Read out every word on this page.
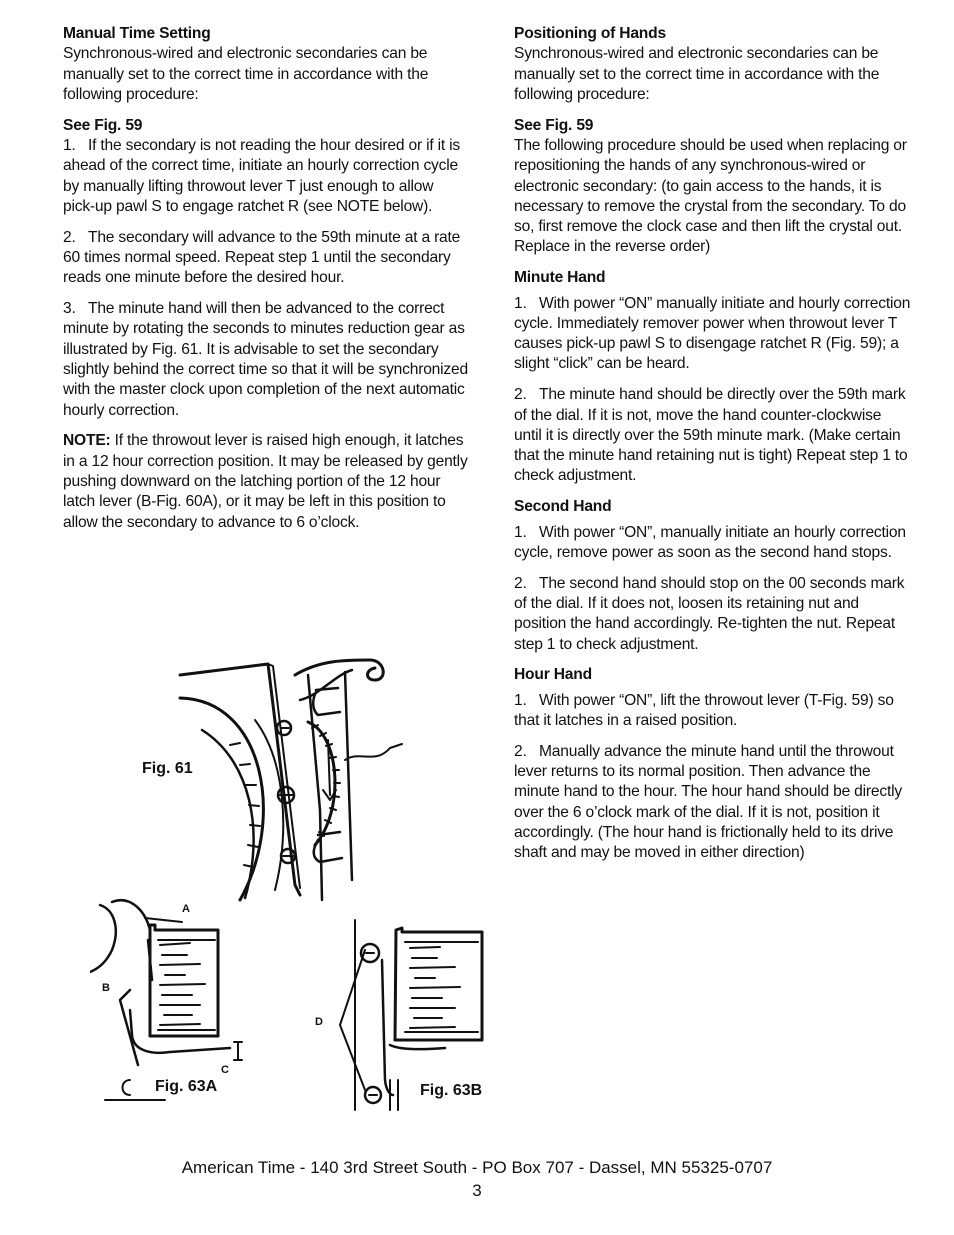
Manual Time Setting
Synchronous-wired and electronic secondaries can be manually set to the correct time in accordance with the following procedure:
See Fig. 59

1.   If the secondary is not reading the hour desired or if it is ahead of the correct time, initiate an hourly correction cycle by manually lifting throwout lever T just enough to allow pick-up pawl S to engage ratchet R (see NOTE below).

2.   The secondary will advance to the 59th minute at a rate 60 times normal speed. Repeat step 1 until the secondary reads one minute before the desired hour.

3.   The minute hand will then be advanced to the correct minute by rotating the seconds to minutes reduction gear as illustrated by Fig. 61. It is advisable to set the secondary slightly behind the correct time so that it will be synchronized with the master clock upon completion of the next automatic hourly correction.

NOTE: If the throwout lever is raised high enough, it latches in a 12 hour correction position. It may be released by gently pushing downward on the latching portion of the 12 hour latch lever (B-Fig. 60A), or it may be left in this position to allow the secondary to advance to 6 o’clock.

Positioning of Hands
Synchronous-wired and electronic secondaries can be manually set to the correct time in accordance with the following procedure:
See Fig. 59

The following procedure should be used when replacing or repositioning the hands of any synchronous-wired or electronic secondary: (to gain access to the hands, it is necessary to remove the crystal from the secondary. To do so, first remove the clock case and then lift the crystal out. Replace in the reverse order)

Minute Hand

1.   With power “ON” manually initiate and hourly correction cycle. Immediately remover power when throwout lever T causes pick-up pawl S to disengage ratchet R (Fig. 59); a slight “click” can be heard.

2.   The minute hand should be directly over the 59th mark of the dial. If it is not, move the hand counter-clockwise until it is directly over the 59th minute mark. (Make certain that the minute hand retaining nut is tight) Repeat step 1 to check adjustment.

Second Hand

1.   With power “ON”, manually initiate an hourly correction cycle, remove power as soon as the second hand stops.

2.   The second hand should stop on the 00 seconds mark of the dial. If it does not, loosen its retaining nut and position the hand accordingly. Re-tighten the nut. Repeat step 1 to check adjustment.

Hour Hand

1.   With power “ON”, lift the throwout lever (T-Fig. 59) so that it latches in a raised position.

2.   Manually advance the minute hand until the throwout lever returns to its normal position. Then advance the minute hand to the hour. The hour hand should be directly over the 6 o’clock mark of the dial. If it is not, position it accordingly. (The hour hand is frictionally held to its drive shaft and may be moved in either direction)

Fig. 61
Fig. 63A	Fig. 63B
A
B
C
D
American Time - 140 3rd Street South - PO Box 707 - Dassel, MN 55325-0707
3
